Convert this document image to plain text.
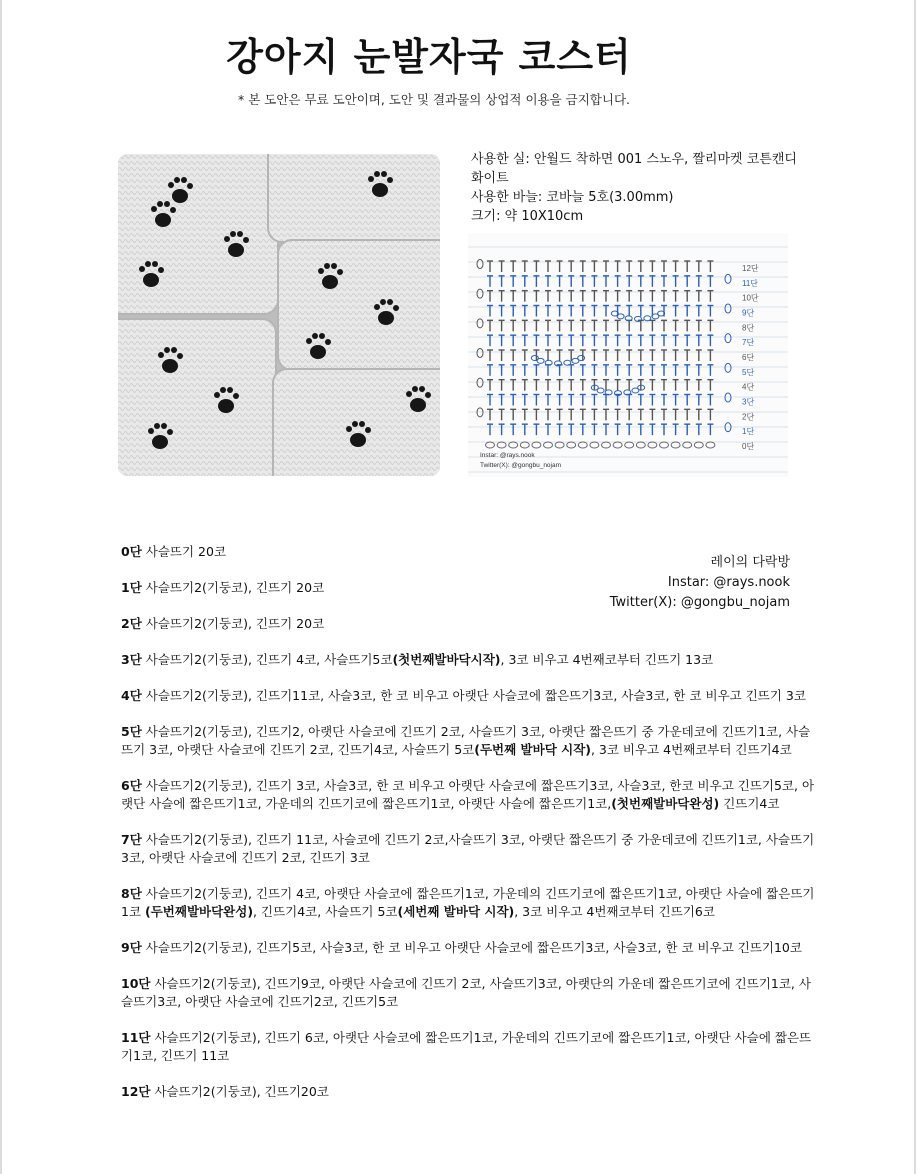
강아지 눈발자국 코스터
* 본 도안은 무료 도안이며, 도안 및 결과물의 상업적 이용을 금지합니다.
사용한 실: 안월드 착하면 001 스노우, 짤리마켓 코튼캔디
화이트
사용한 바늘: 코바늘 5호(3.00mm)
크기: 약 10X10cm
0단
1단
2단
3단
4단
5단
6단
7단
8단
9단
10단
11단
12단
Instar: @rays.nook
Twitter(X): @gongbu_nojam
레이의 다락방
Instar: @rays.nook
Twitter(X): @gongbu_nojam
0단 사슬뜨기 20코
1단 사슬뜨기2(기둥코), 긴뜨기 20코
2단 사슬뜨기2(기둥코), 긴뜨기 20코
3단 사슬뜨기2(기둥코), 긴뜨기 4코, 사슬뜨기5코(첫번째발바닥시작), 3코 비우고 4번째코부터 긴뜨기 13코
4단 사슬뜨기2(기둥코), 긴뜨기11코, 사슬3코, 한 코 비우고 아랫단 사슬코에 짧은뜨기3코, 사슬3코, 한 코 비우고 긴뜨기 3코
5단 사슬뜨기2(기둥코), 긴뜨기2, 아랫단 사슬코에 긴뜨기 2코, 사슬뜨기 3코, 아랫단 짧은뜨기 중 가운데코에 긴뜨기1코, 사슬뜨기 3코, 아랫단 사슬코에 긴뜨기 2코, 긴뜨기4코, 사슬뜨기 5코(두번째 발바닥 시작), 3코 비우고 4번째코부터 긴뜨기4코
6단 사슬뜨기2(기둥코), 긴뜨기 3코, 사슬3코, 한 코 비우고 아랫단 사슬코에 짧은뜨기3코, 사슬3코, 한코 비우고 긴뜨기5코, 아랫단 사슬에 짧은뜨기1코, 가운데의 긴뜨기코에 짧은뜨기1코, 아랫단 사슬에 짧은뜨기1코,(첫번째발바닥완성) 긴뜨기4코
7단 사슬뜨기2(기둥코), 긴뜨기 11코, 사슬코에 긴뜨기 2코,사슬뜨기 3코, 아랫단 짧은뜨기 중 가운데코에 긴뜨기1코, 사슬뜨기 3코, 아랫단 사슬코에 긴뜨기 2코, 긴뜨기 3코
8단 사슬뜨기2(기둥코), 긴뜨기 4코, 아랫단 사슬코에 짧은뜨기1코, 가운데의 긴뜨기코에 짧은뜨기1코, 아랫단 사슬에 짧은뜨기1코 (두번째발바닥완성), 긴뜨기4코, 사슬뜨기 5코(세번째 발바닥 시작), 3코 비우고 4번째코부터 긴뜨기6코
9단 사슬뜨기2(기둥코), 긴뜨기5코, 사슬3코, 한 코 비우고 아랫단 사슬코에 짧은뜨기3코, 사슬3코, 한 코 비우고 긴뜨기10코
10단 사슬뜨기2(기둥코), 긴뜨기9코, 아랫단 사슬코에 긴뜨기 2코, 사슬뜨기3코, 아랫단의 가운데 짧은뜨기코에 긴뜨기1코, 사슬뜨기3코, 아랫단 사슬코에 긴뜨기2코, 긴뜨기5코
11단 사슬뜨기2(기둥코), 긴뜨기 6코, 아랫단 사슬코에 짧은뜨기1코, 가운데의 긴뜨기코에 짧은뜨기1코, 아랫단 사슬에 짧은뜨기1코, 긴뜨기 11코
12단 사슬뜨기2(기둥코), 긴뜨기20코
